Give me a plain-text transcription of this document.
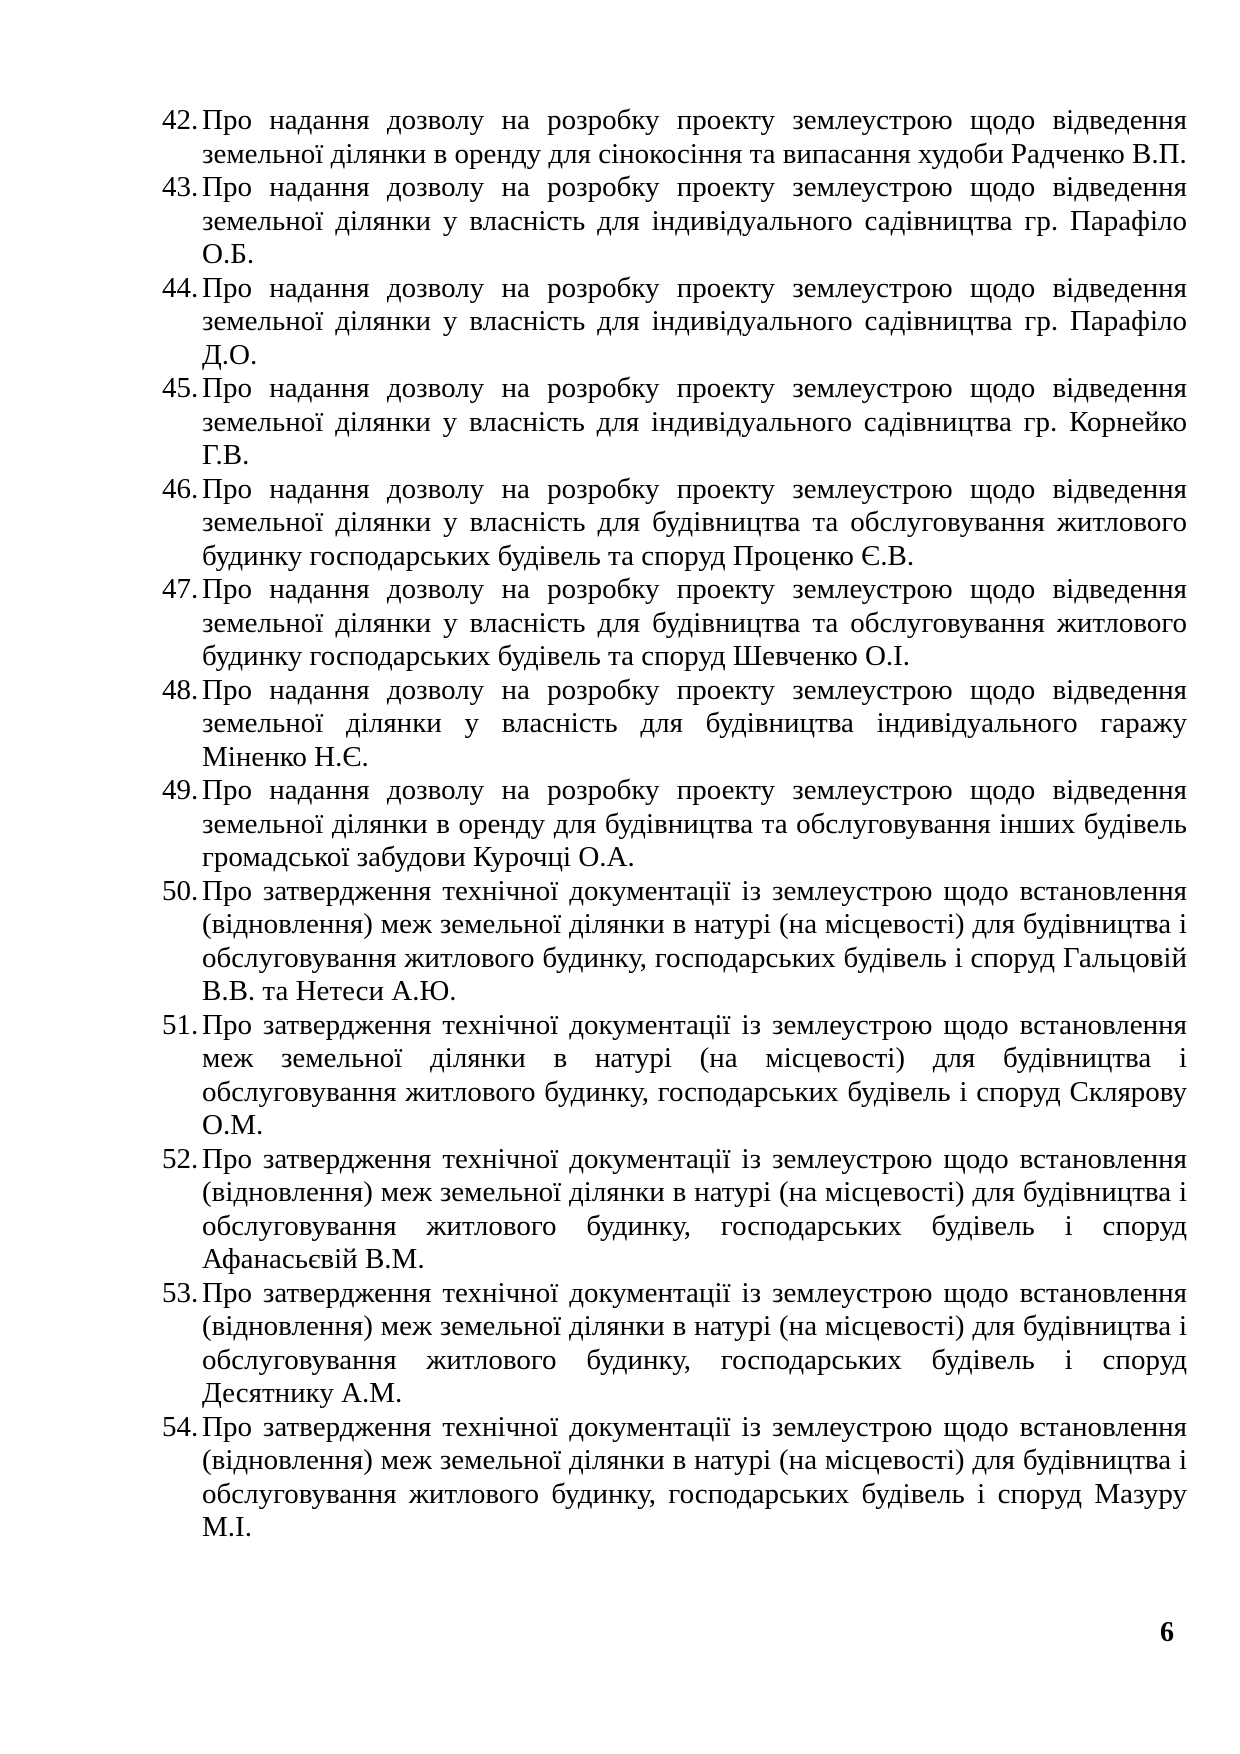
42. Про надання дозволу на розробку проекту землеустрою щодо відведення земельної ділянки в оренду для сінокосіння та випасання худоби Радченко В.П.
43. Про надання дозволу на розробку проекту землеустрою щодо відведення земельної ділянки у власність для індивідуального садівництва гр. Парафіло О.Б.
44. Про надання дозволу на розробку проекту землеустрою щодо відведення земельної ділянки у власність для індивідуального садівництва гр. Парафіло Д.О.
45. Про надання дозволу на розробку проекту землеустрою щодо відведення земельної ділянки у власність для індивідуального садівництва гр. Корнейко Г.В.
46. Про надання дозволу на розробку проекту землеустрою щодо відведення земельної ділянки у власність для будівництва та обслуговування житлового будинку господарських будівель та споруд Проценко Є.В.
47. Про надання дозволу на розробку проекту землеустрою щодо відведення земельної ділянки у власність для будівництва та обслуговування житлового будинку господарських будівель та споруд Шевченко О.І.
48. Про надання дозволу на розробку проекту землеустрою щодо відведення земельної ділянки у власність для будівництва індивідуального гаражу Міненко Н.Є.
49. Про надання дозволу на розробку проекту землеустрою щодо відведення земельної ділянки в оренду для будівництва та обслуговування інших будівель громадської забудови Курочці О.А.
50. Про затвердження технічної документації із землеустрою щодо встановлення (відновлення) меж земельної ділянки в натурі (на місцевості) для будівництва і обслуговування житлового будинку, господарських будівель і споруд Гальцовій В.В. та Нетеси А.Ю.
51. Про затвердження технічної документації із землеустрою щодо встановлення меж земельної ділянки в натурі (на місцевості) для будівництва і обслуговування житлового будинку, господарських будівель і споруд Склярову О.М.
52. Про затвердження технічної документації із землеустрою щодо встановлення (відновлення) меж земельної ділянки в натурі (на місцевості) для будівництва і обслуговування житлового будинку, господарських будівель і споруд Афанасьєвій В.М.
53. Про затвердження технічної документації із землеустрою щодо встановлення (відновлення) меж земельної ділянки в натурі (на місцевості) для будівництва і обслуговування житлового будинку, господарських будівель і споруд Десятнику А.М.
54. Про затвердження технічної документації із землеустрою щодо встановлення (відновлення) меж земельної ділянки в натурі (на місцевості) для будівництва і обслуговування житлового будинку, господарських будівель і споруд Мазуру М.І.
6
